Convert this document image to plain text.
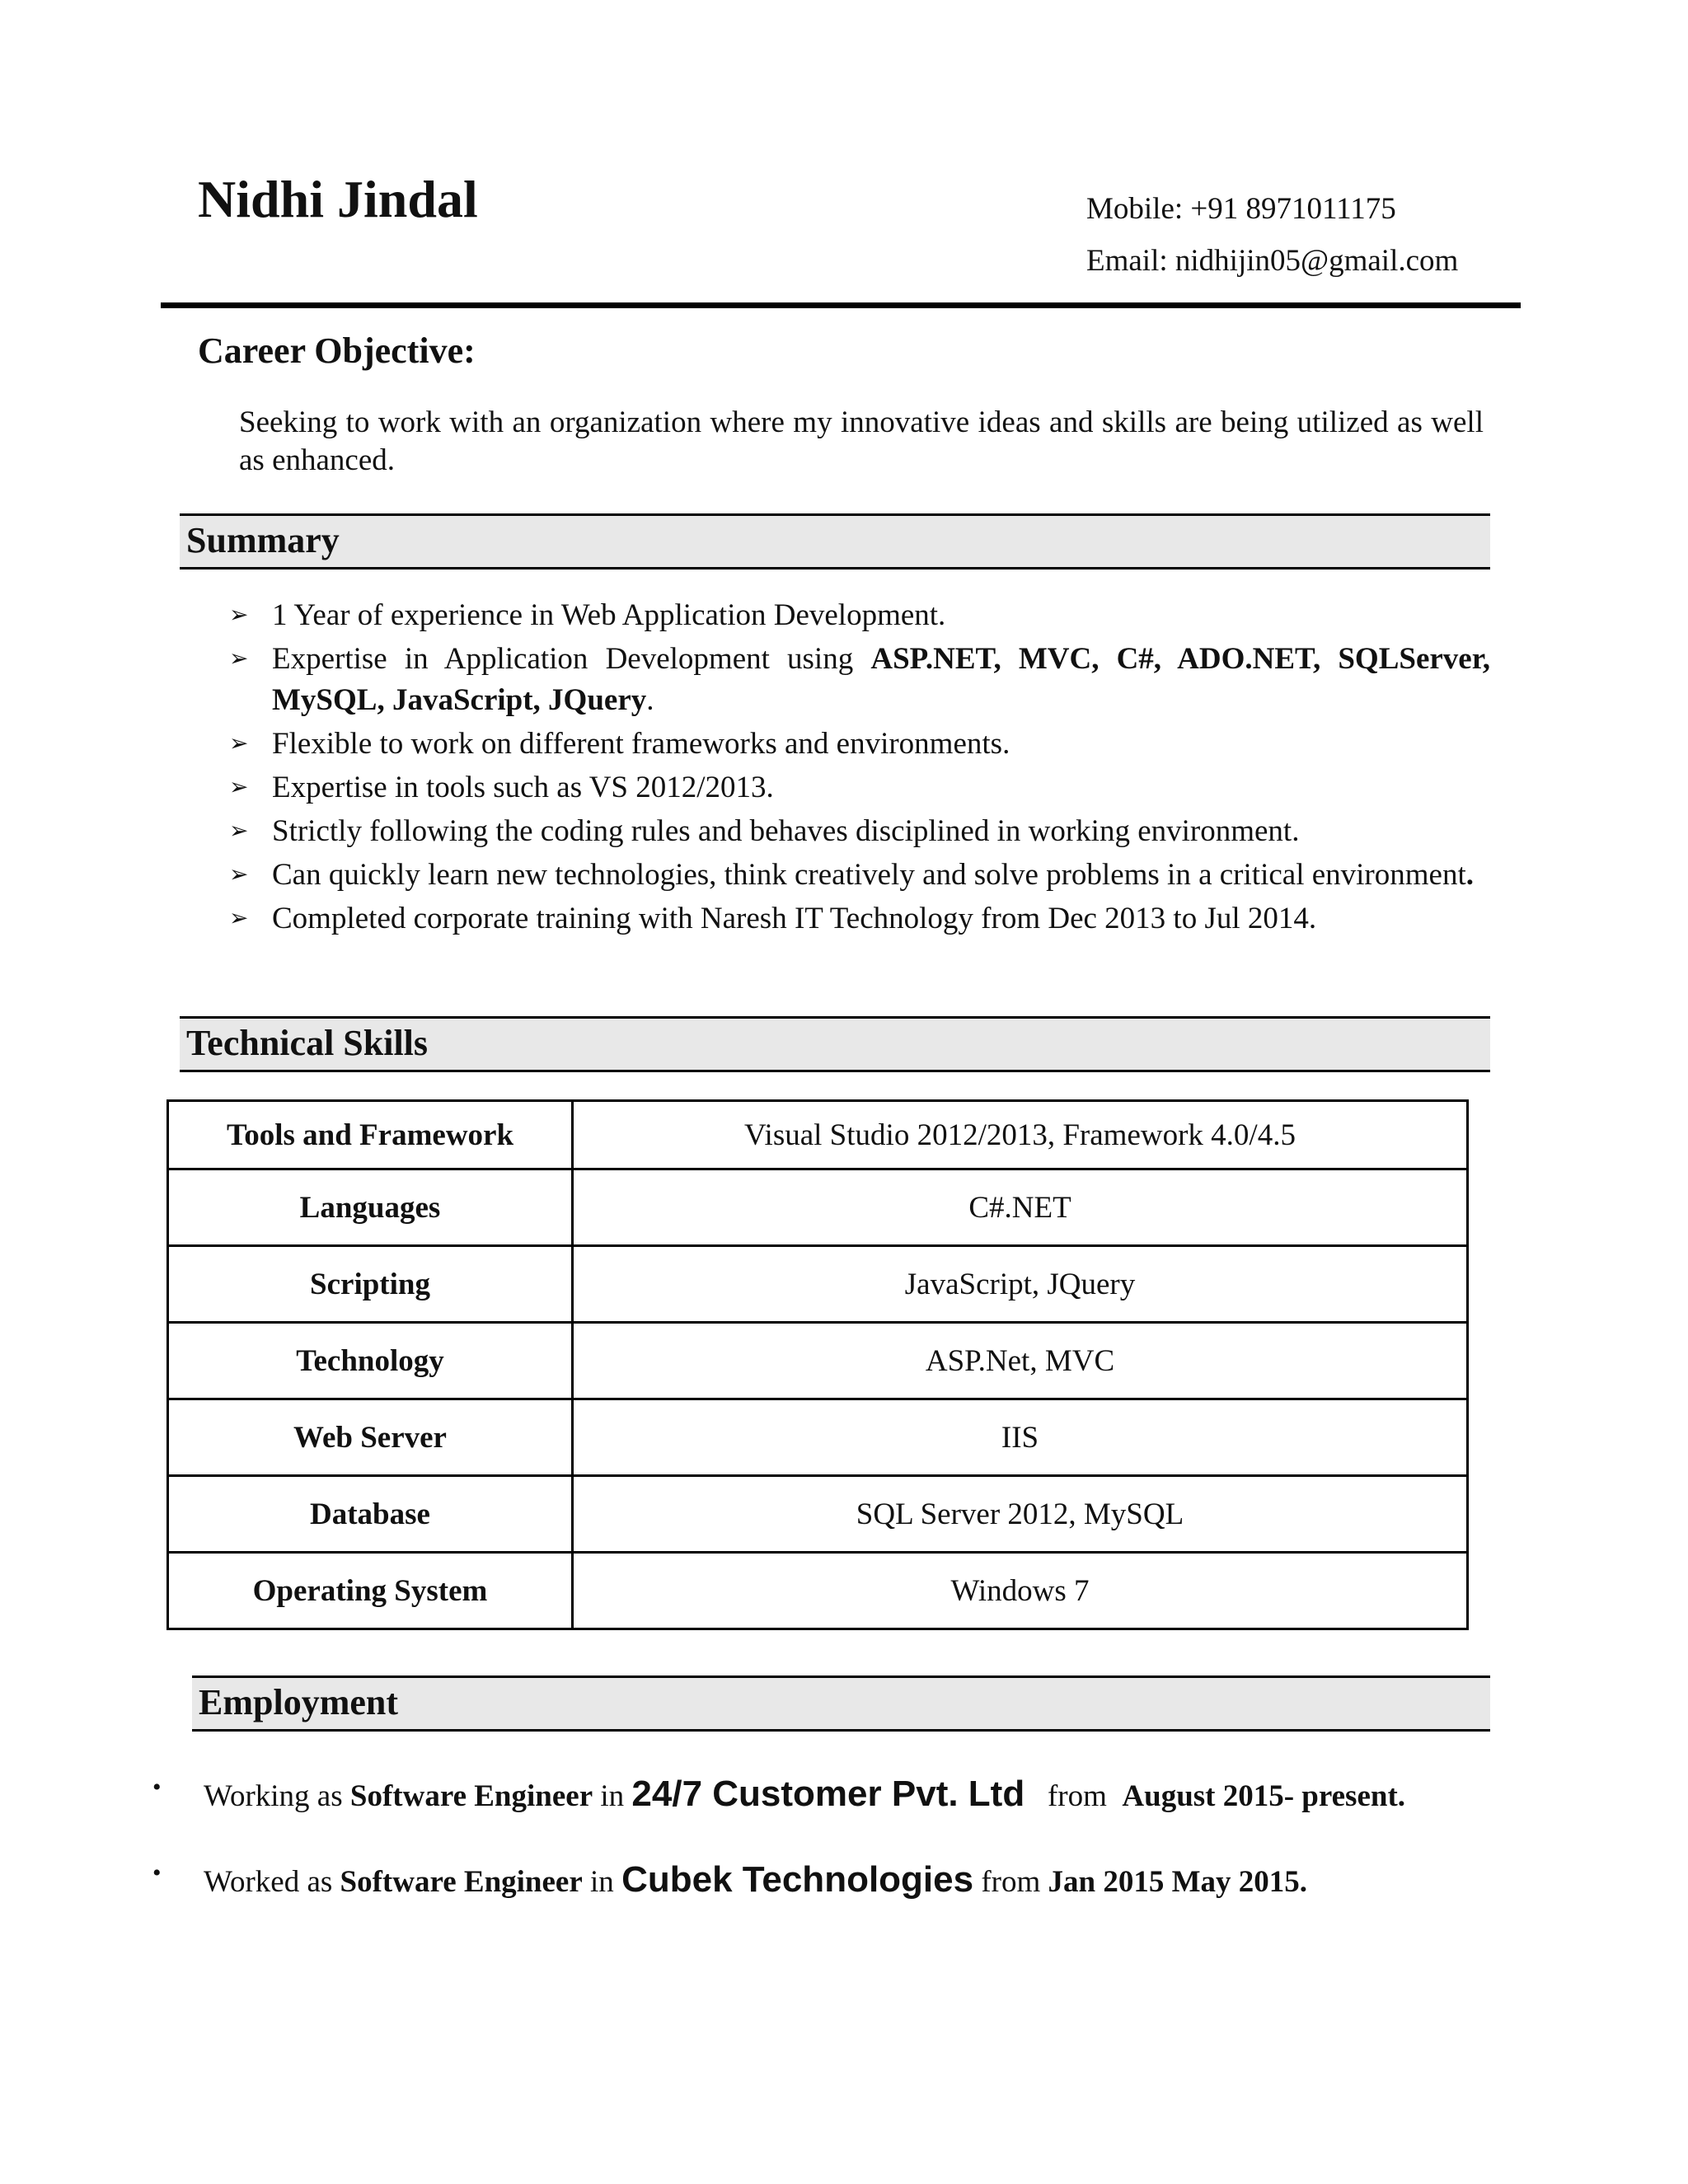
Nidhi Jindal	Mobile: +91 8971011175
Email: nidhijin05@gmail.com
Career Objective:
Seeking to work with an organization where my innovative ideas and skills are being utilized as well as enhanced.
Summary
➢ 1 Year of experience in Web Application Development.
➢ Expertise in Application Development using ASP.NET, MVC, C#, ADO.NET, SQLServer, MySQL, JavaScript, JQuery.
➢ Flexible to work on different frameworks and environments.
➢ Expertise in tools such as VS 2012/2013.
➢ Strictly following the coding rules and behaves disciplined in working environment.
➢ Can quickly learn new technologies, think creatively and solve problems in a critical environment.
➢ Completed corporate training with Naresh IT Technology from Dec 2013 to Jul 2014.
Technical Skills
Tools and Framework	Visual Studio 2012/2013, Framework 4.0/4.5
Languages	C#.NET
Scripting	JavaScript, JQuery
Technology	ASP.Net, MVC
Web Server	IIS
Database	SQL Server 2012, MySQL
Operating System	Windows 7
Employment
• Working as Software Engineer in 24/7 Customer Pvt. Ltd from August 2015- present.
• Worked as Software Engineer in Cubek Technologies from Jan 2015 May 2015.
